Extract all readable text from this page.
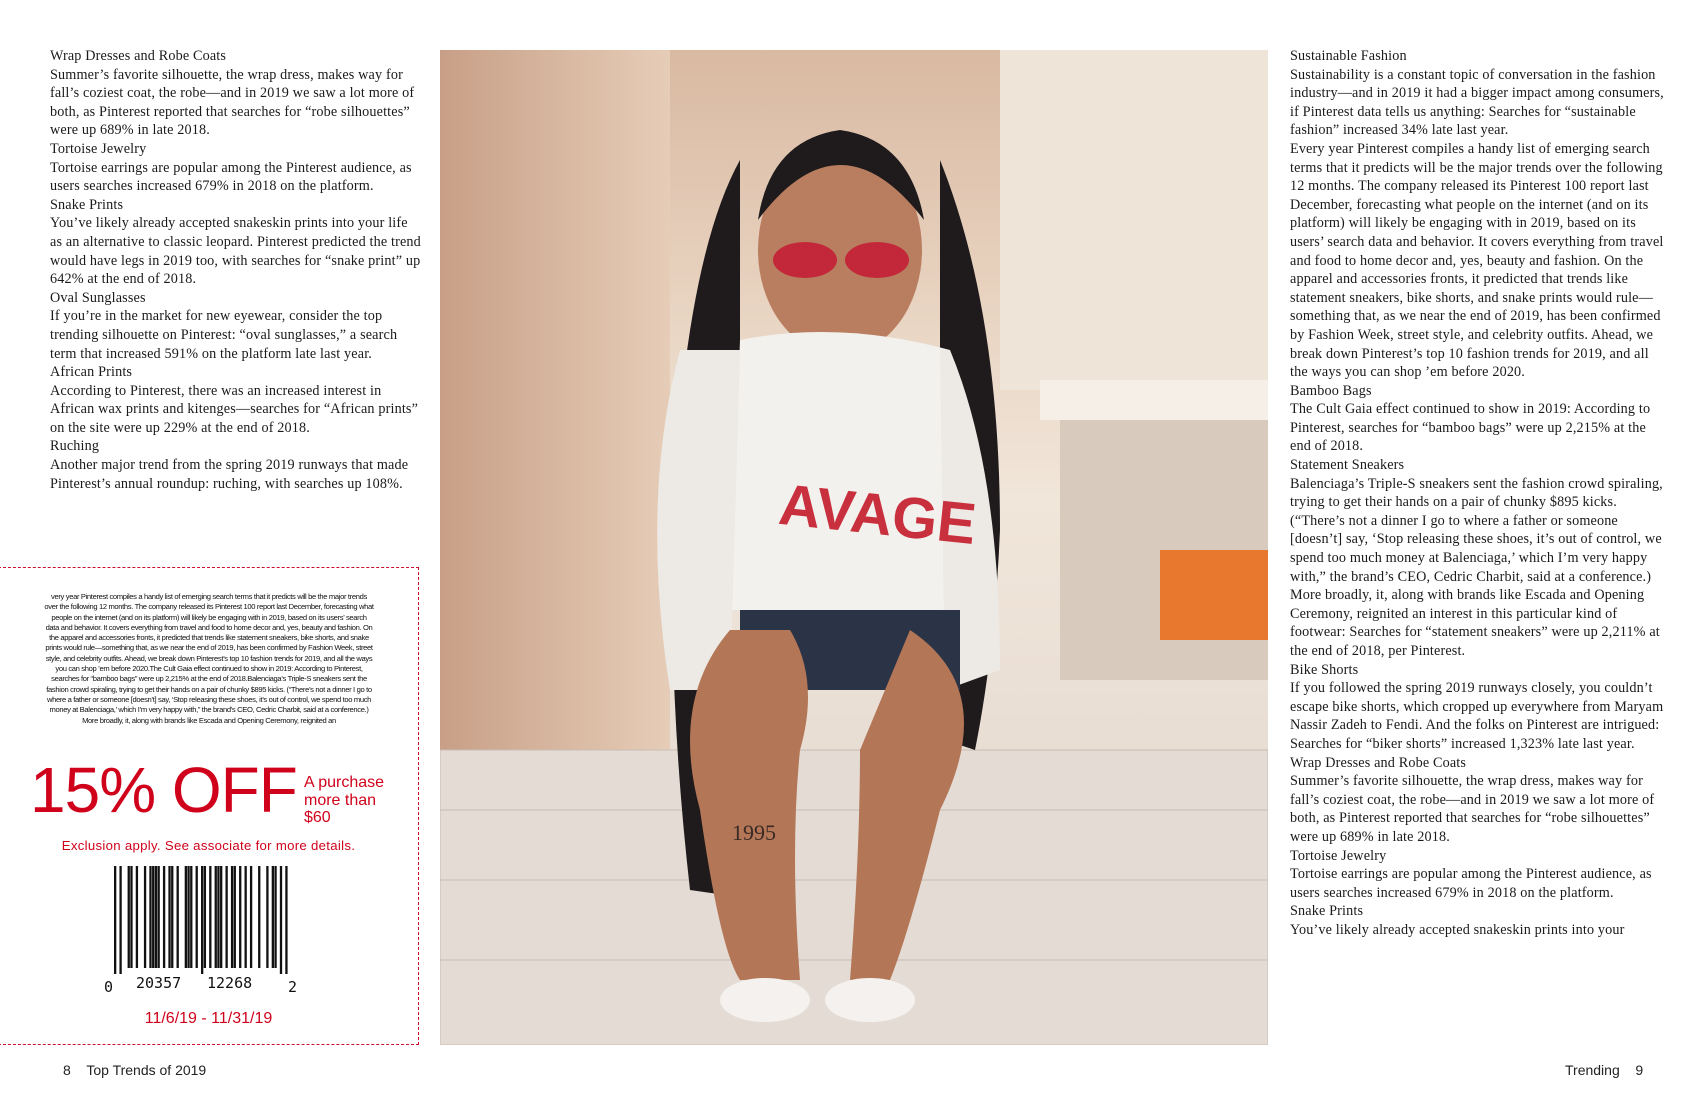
Wrap Dresses and Robe Coats

Summer’s favorite silhouette, the wrap dress, makes way for fall’s coziest coat, the robe—and in 2019 we saw a lot more of both, as Pinterest reported that searches for “robe silhouettes” were up 689% in late 2018.

Tortoise Jewelry

Tortoise earrings are popular among the Pinterest audience, as users searches increased 679% in 2018 on the platform.

Snake Prints

You’ve likely already accepted snakeskin prints into your life as an alternative to classic leopard. Pinterest predicted the trend would have legs in 2019 too, with searches for “snake print” up 642% at the end of 2018.

Oval Sunglasses

If you’re in the market for new eyewear, consider the top trending silhouette on Pinterest: “oval sunglasses,” a search term that increased 591% on the platform late last year.

African Prints

According to Pinterest, there was an increased interest in African wax prints and kitenges—searches for “African prints” on the site were up 229% at the end of 2018.

Ruching

Another major trend from the spring 2019 runways that made Pinterest’s annual roundup: ruching, with searches up 108%.

very year Pinterest compiles a handy list of emerging search terms that it predicts will be the major trends over the following 12 months. The company released its Pinterest 100 report last December, forecasting what people on the internet (and on its platform) will likely be engaging with in 2019, based on its users’ search data and behavior. It covers everything from travel and food to home decor and, yes, beauty and fashion. On the apparel and accessories fronts, it predicted that trends like statement sneakers, bike shorts, and snake prints would rule—something that, as we near the end of 2019, has been confirmed by Fashion Week, street style, and celebrity outfits. Ahead, we break down Pinterest’s top 10 fashion trends for 2019, and all the ways you can shop ’em before 2020.The Cult Gaia effect continued to show in 2019: According to Pinterest, searches for “bamboo bags” were up 2,215% at the end of 2018.Balenciaga’s Triple-S sneakers sent the fashion crowd spiraling, trying to get their hands on a pair of chunky $895 kicks. (“There’s not a dinner I go to where a father or someone [doesn’t] say, ‘Stop releasing these shoes, it’s out of control, we spend too much money at Balenciaga,’ which I’m very happy with,” the brand’s CEO, Cedric Charbit, said at a conference.) More broadly, it, along with brands like Escada and Opening Ceremony, reignited an
15% OFF A purchase
more than
$60
Exclusion apply. See associate for more details.
0 20357 12268 2
11/6/19 - 11/31/19
AVAGE
1995

Sustainable Fashion

Sustainability is a constant topic of conversation in the fashion industry—and in 2019 it had a bigger impact among consumers, if Pinterest data tells us anything: Searches for “sustainable fashion” increased 34% late last year.

Every year Pinterest compiles a handy list of emerging search terms that it predicts will be the major trends over the following 12 months. The company released its Pinterest 100 report last December, forecasting what people on the internet (and on its platform) will likely be engaging with in 2019, based on its users’ search data and behavior. It covers everything from travel and food to home decor and, yes, beauty and fashion. On the apparel and accessories fronts, it predicted that trends like statement sneakers, bike shorts, and snake prints would rule—something that, as we near the end of 2019, has been confirmed by Fashion Week, street style, and celebrity outfits. Ahead, we break down Pinterest’s top 10 fashion trends for 2019, and all the ways you can shop ’em before 2020.

Bamboo Bags

The Cult Gaia effect continued to show in 2019: According to Pinterest, searches for “bamboo bags” were up 2,215% at the end of 2018.

Statement Sneakers

Balenciaga’s Triple-S sneakers sent the fashion crowd spiraling, trying to get their hands on a pair of chunky $895 kicks. (“There’s not a dinner I go to where a father or someone [doesn’t] say, ‘Stop releasing these shoes, it’s out of control, we spend too much money at Balenciaga,’ which I’m very happy with,” the brand’s CEO, Cedric Charbit, said at a conference.) More broadly, it, along with brands like Escada and Opening Ceremony, reignited an interest in this particular kind of footwear: Searches for “statement sneakers” were up 2,211% at the end of 2018, per Pinterest.

Bike Shorts

If you followed the spring 2019 runways closely, you couldn’t escape bike shorts, which cropped up everywhere from Maryam Nassir Zadeh to Fendi. And the folks on Pinterest are intrigued: Searches for “biker shorts” increased 1,323% late last year.

Wrap Dresses and Robe Coats

Summer’s favorite silhouette, the wrap dress, makes way for fall’s coziest coat, the robe—and in 2019 we saw a lot more of both, as Pinterest reported that searches for “robe silhouettes” were up 689% in late 2018.

Tortoise Jewelry

Tortoise earrings are popular among the Pinterest audience, as users searches increased 679% in 2018 on the platform.

Snake Prints

You’ve likely already accepted snakeskin prints into your

8 Top Trends of 2019	Trending 9
